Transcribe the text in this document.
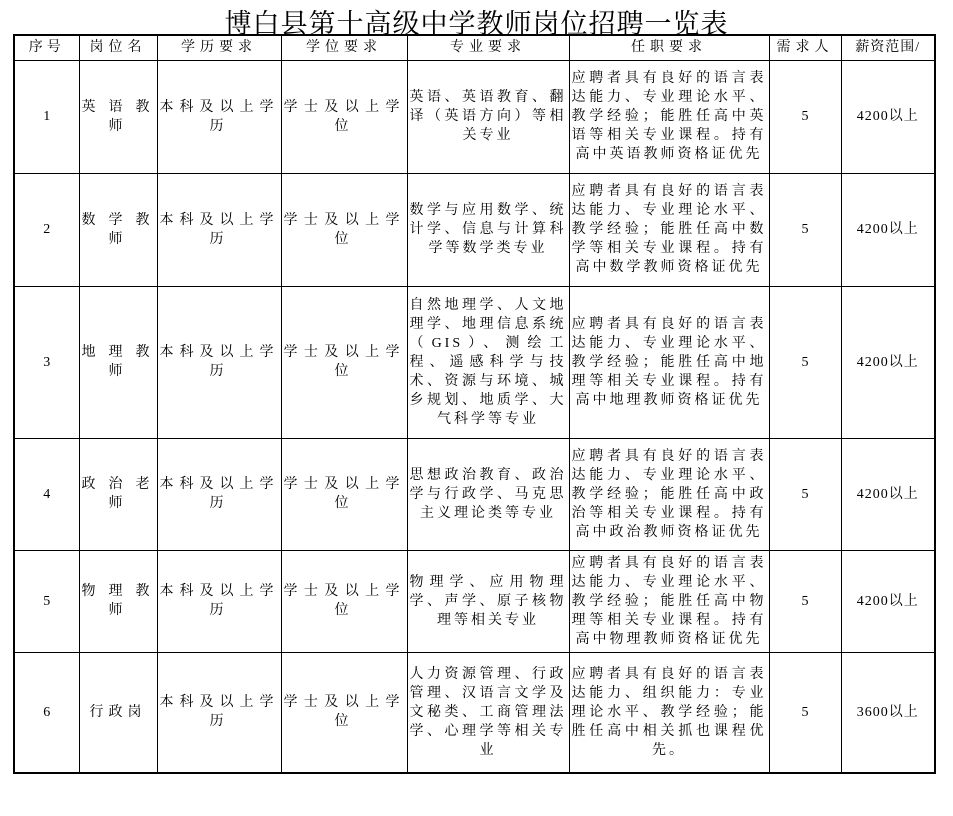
博白县第十高级中学教师岗位招聘一览表
序号	岗位名	学历要求	学位要求	专业要求	任职要求	需求人	薪资范围/
1	英语教师	本科及以上学历	学士及以上学位	英语、英语教育、翻译（英语方向）等相关专业	应聘者具有良好的语言表达能力、专业理论水平、教学经验；能胜任高中英语等相关专业课程。持有高中英语教师资格证优先	5	4200以上
2	数学教师	本科及以上学历	学士及以上学位	数学与应用数学、统计学、信息与计算科学等数学类专业	应聘者具有良好的语言表达能力、专业理论水平、教学经验；能胜任高中数学等相关专业课程。持有高中数学教师资格证优先	5	4200以上
3	地理教师	本科及以上学历	学士及以上学位	自然地理学、人文地理学、地理信息系统（GIS）、测绘工程、遥感科学与技术、资源与环境、城乡规划、地质学、大气科学等专业	应聘者具有良好的语言表达能力、专业理论水平、教学经验；能胜任高中地理等相关专业课程。持有高中地理教师资格证优先	5	4200以上
4	政治老师	本科及以上学历	学士及以上学位	思想政治教育、政治学与行政学、马克思主义理论类等专业	应聘者具有良好的语言表达能力、专业理论水平、教学经验；能胜任高中政治等相关专业课程。持有高中政治教师资格证优先	5	4200以上
5	物理教师	本科及以上学历	学士及以上学位	物理学、应用物理学、声学、原子核物理等相关专业	应聘者具有良好的语言表达能力、专业理论水平、教学经验；能胜任高中物理等相关专业课程。持有高中物理教师资格证优先	5	4200以上
6	行政岗	本科及以上学历	学士及以上学位	人力资源管理、行政管理、汉语言文学及文秘类、工商管理法学、心理学等相关专业	应聘者具有良好的语言表达能力、组织能力：专业理论水平、教学经验；能胜任高中相关抓也课程优先。	5	3600以上
